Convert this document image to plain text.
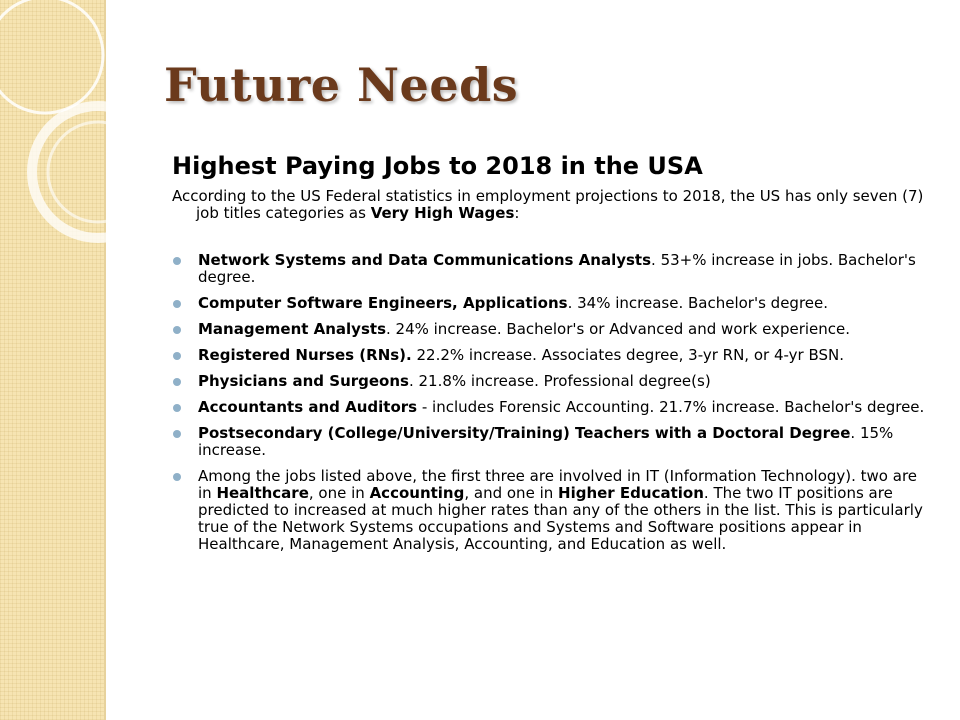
Future Needs
Highest Paying Jobs to 2018 in the USA

According to the US Federal statistics in employment projections to 2018, the US has only seven (7) job titles categories as Very High Wages:

Network Systems and Data Communications Analysts. 53+% increase in jobs. Bachelor's degree.
Computer Software Engineers, Applications. 34% increase. Bachelor's degree.
Management Analysts. 24% increase. Bachelor's or Advanced and work experience.
Registered Nurses (RNs). 22.2% increase. Associates degree, 3-yr RN, or 4-yr BSN.
Physicians and Surgeons. 21.8% increase. Professional degree(s)
Accountants and Auditors - includes Forensic Accounting. 21.7% increase. Bachelor's degree.
Postsecondary (College/University/Training) Teachers with a Doctoral Degree. 15% increase.
Among the jobs listed above, the first three are involved in IT (Information Technology). two are in Healthcare, one in Accounting, and one in Higher Education. The two IT positions are predicted to increased at much higher rates than any of the others in the list. This is particularly true of the Network Systems occupations and Systems and Software positions appear in Healthcare, Management Analysis, Accounting, and Education as well.
